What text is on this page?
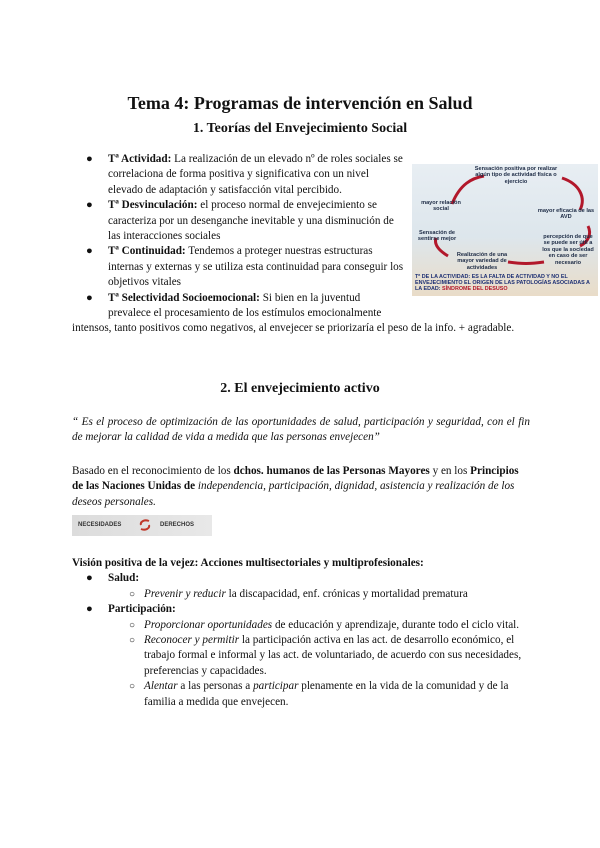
Tema 4: Programas de intervención en Salud
1. Teorías del Envejecimiento Social
● Tª Actividad: La realización de un elevado nº de roles sociales se correlaciona de forma positiva y significativa con un nivel elevado de adaptación y satisfacción vital percibido.
● Tª Desvinculación: el proceso normal de envejecimiento se caracteriza por un desenganche inevitable y una disminución de las interacciones sociales
● Tª Continuidad: Tendemos a proteger nuestras estructuras internas y externas y se utiliza esta continuidad para conseguir los objetivos vitales
● Tª Selectividad Socioemocional: Si bien en la juventud prevalece el procesamiento de los estímulos emocionalmente
intensos, tanto positivos como negativos, al envejecer se priorizaría el peso de la info. + agradable.
Sensación positiva por realizar algún tipo de actividad física o ejercicio
mayor relación social	mayor eficacia de las AVD
Sensación de sentirse mejor	percepción de que se puede ser útil a los que la sociedad en caso de ser necesario
Realización de una mayor variedad de actividades
Tª DE LA ACTIVIDAD: ES LA FALTA DE ACTIVIDAD Y NO EL ENVEJECIMIENTO EL ORIGEN DE LAS PATOLOGÍAS ASOCIADAS A LA EDAD: SÍNDROME DEL DESUSO
2. El envejecimiento activo
“ Es el proceso de optimización de las oportunidades de salud, participación y seguridad, con el fin de mejorar la calidad de vida a medida que las personas envejecen”
Basado en el reconocimiento de los dchos. humanos de las Personas Mayores y en los Principios de las Naciones Unidas de independencia, participación, dignidad, asistencia y realización de los deseos personales.
NECESIDADES	DERECHOS
Visión positiva de la vejez: Acciones multisectoriales y multiprofesionales:
● Salud:
○ Prevenir y reducir la discapacidad, enf. crónicas y mortalidad prematura
● Participación:
○ Proporcionar oportunidades de educación y aprendizaje, durante todo el ciclo vital.
○ Reconocer y permitir la participación activa en las act. de desarrollo económico, el trabajo formal e informal y las act. de voluntariado, de acuerdo con sus necesidades, preferencias y capacidades.
○ Alentar a las personas a participar plenamente en la vida de la comunidad y de la familia a medida que envejecen.
